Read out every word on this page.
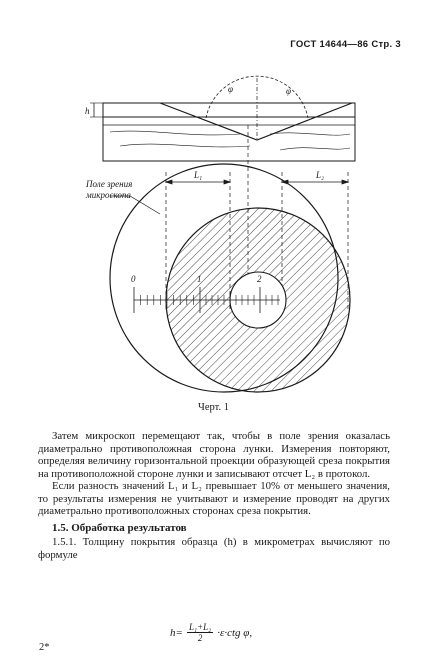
ГОСТ 14644—86 Стр. 3
h
φ	φ
L₁	L₂
Поле зрения
микроскопа
0	1	2
Черт. 1

Затем микроскоп перемещают так, чтобы в поле зрения оказалась диаметрально противоположная сторона лунки. Измерения повторяют, определяя величину горизонтальной проекции образующей среза покрытия на противоположной стороне лунки и записывают отсчет L₂ в протокол.

Если разность значений L₁ и L₂ превышает 10% от меньшего значения, то результаты измерения не учитывают и измерение проводят на других диаметрально противоположных сторонах среза покрытия.

1.5. Обработка результатов

1.5.1. Толщину покрытия образца (h) в микрометрах вычисляют по формуле

$h= \frac{\text{L₁+L₂}}{2} \cdot\varepsilon\cdot ctg$ φ,
2*
